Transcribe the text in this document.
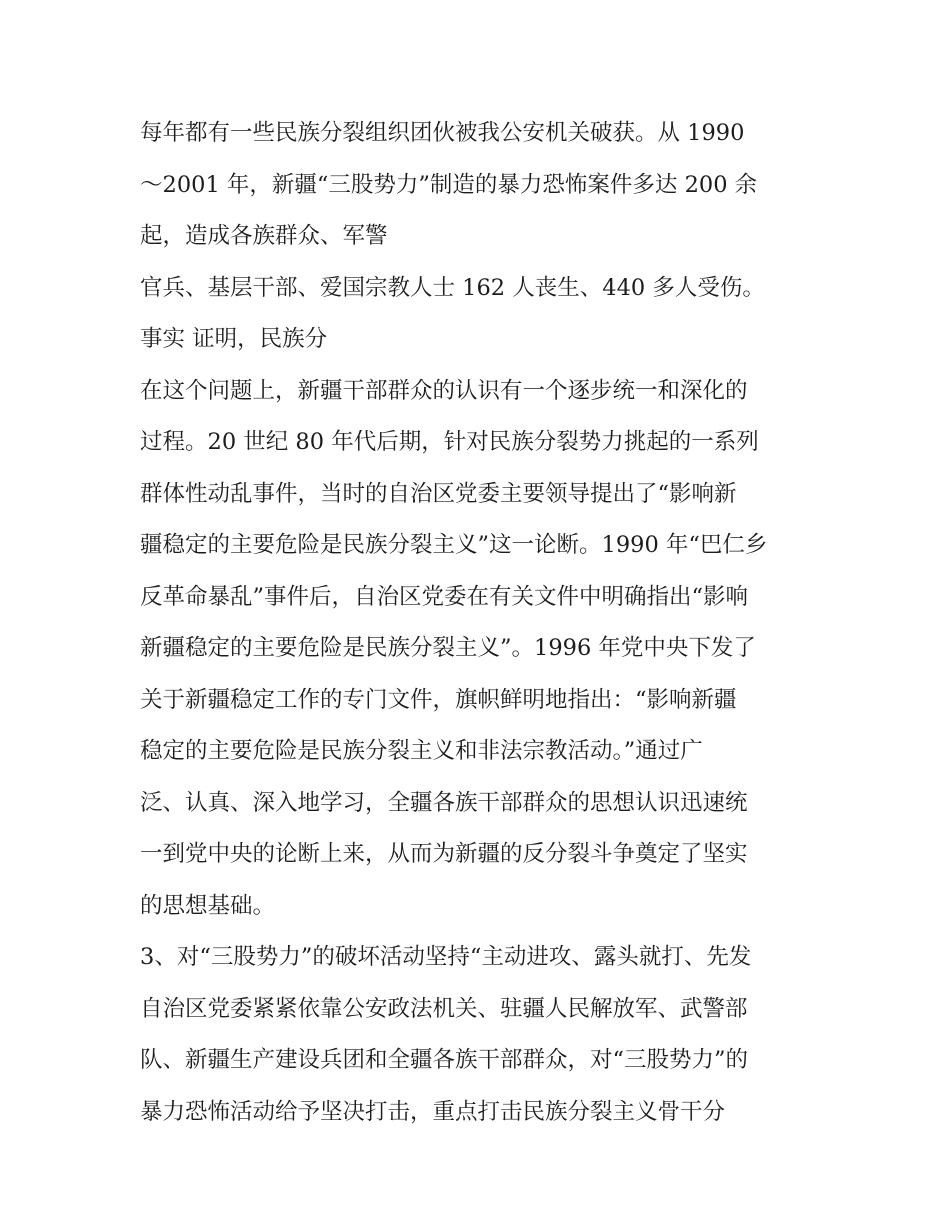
每年都有一些民族分裂组织团伙被我公安机关破获。从 1990
～2001 年，新疆“三股势力”制造的暴力恐怖案件多达 200 余
起，造成各族群众、军警
官兵、基层干部、爱国宗教人士 162 人丧生、440 多人受伤。
事实 证明，民族分
在这个问题上，新疆干部群众的认识有一个逐步统一和深化的
过程。20 世纪 80 年代后期，针对民族分裂势力挑起的一系列
群体性动乱事件，当时的自治区党委主要领导提出了“影响新
疆稳定的主要危险是民族分裂主义”这一论断。1990 年“巴仁乡
反革命暴乱”事件后，自治区党委在有关文件中明确指出“影响
新疆稳定的主要危险是民族分裂主义”。1996 年党中央下发了
关于新疆稳定工作的专门文件，旗帜鲜明地指出：“影响新疆
稳定的主要危险是民族分裂主义和非法宗教活动。”通过广
泛、认真、深入地学习，全疆各族干部群众的思想认识迅速统
一到党中央的论断上来，从而为新疆的反分裂斗争奠定了坚实
的思想基础。
3、对“三股势力”的破坏活动坚持“主动进攻、露头就打、先发
自治区党委紧紧依靠公安政法机关、驻疆人民解放军、武警部
队、新疆生产建设兵团和全疆各族干部群众，对“三股势力”的
暴力恐怖活动给予坚决打击，重点打击民族分裂主义骨干分
